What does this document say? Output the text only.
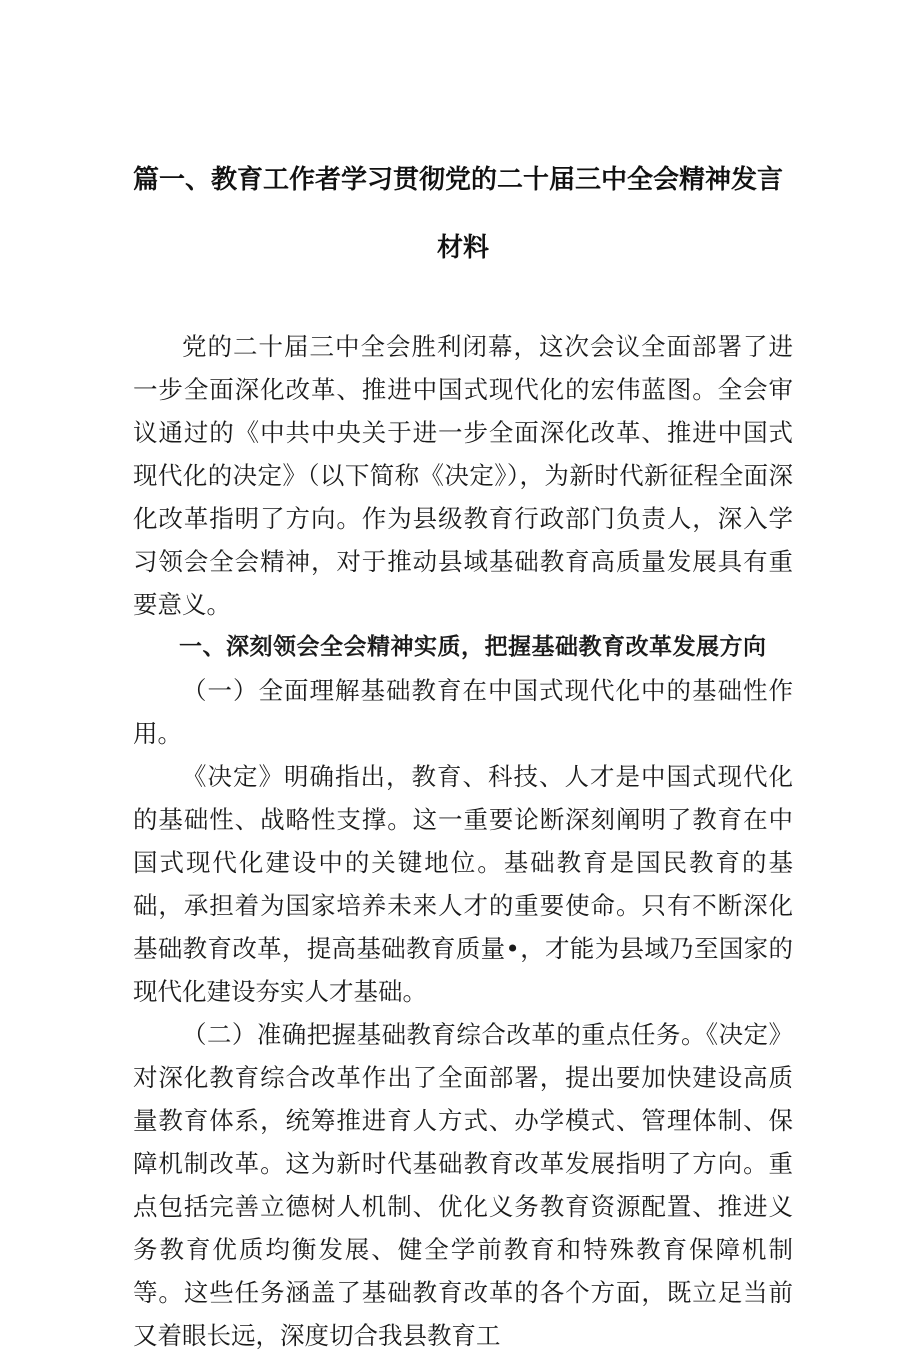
篇一、教育工作者学习贯彻党的二十届三中全会精神发言
材料

党的二十届三中全会胜利闭幕，这次会议全面部署了进一步全面深化改革、推进中国式现代化的宏伟蓝图。全会审议通过的《中共中央关于进一步全面深化改革、推进中国式现代化的决定》（以下简称《决定》），为新时代新征程全面深化改革指明了方向。作为县级教育行政部门负责人，深入学习领会全会精神，对于推动县域基础教育高质量发展具有重要意义。

一、深刻领会全会精神实质，把握基础教育改革发展方向

（一）全面理解基础教育在中国式现代化中的基础性作用。

《决定》明确指出，教育、科技、人才是中国式现代化的基础性、战略性支撑。这一重要论断深刻阐明了教育在中国式现代化建设中的关键地位。基础教育是国民教育的基础，承担着为国家培养未来人才的重要使命。只有不断深化基础教育改革，提高基础教育质量•，才能为县域乃至国家的现代化建设夯实人才基础。

（二）准确把握基础教育综合改革的重点任务。《决定》对深化教育综合改革作出了全面部署，提出要加快建设高质量教育体系，统筹推进育人方式、办学模式、管理体制、保障机制改革。这为新时代基础教育改革发展指明了方向。重点包括完善立德树人机制、优化义务教育资源配置、推进义务教育优质均衡发展、健全学前教育和特殊教育保障机制等。这些任务涵盖了基础教育改革的各个方面，既立足当前又着眼长远，深度切合我县教育工
